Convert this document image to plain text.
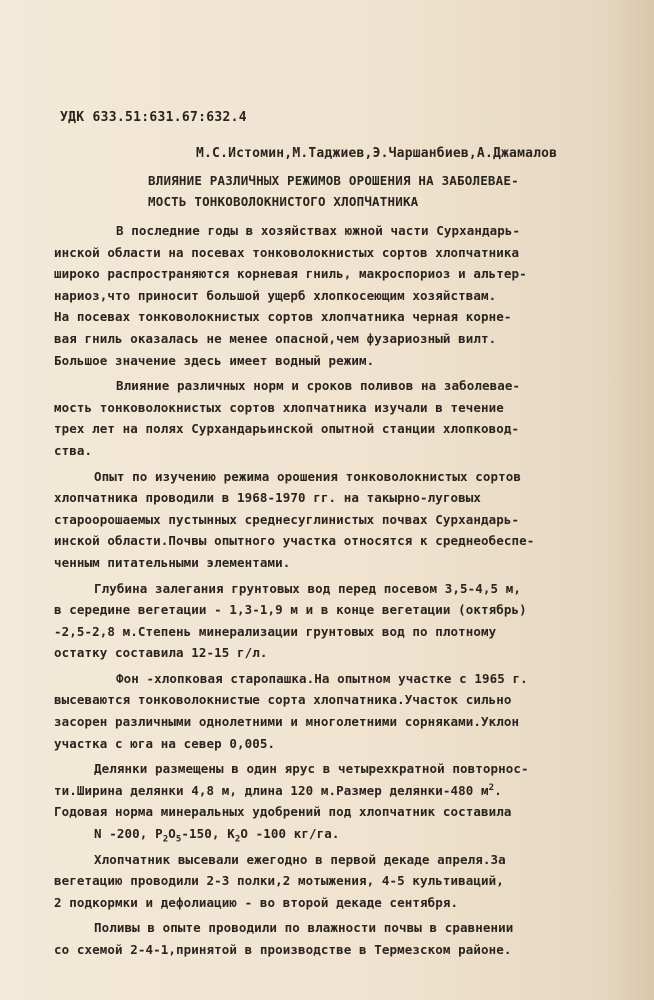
УДК 633.51:631.67:632.4
М.С.Истомин,М.Таджиев,Э.Чаршанбиев,А.Джамалов
ВЛИЯНИЕ РАЗЛИЧНЫХ РЕЖИМОВ ОРОШЕНИЯ НА ЗАБОЛЕВАЕ-
МОСТЬ ТОНКОВОЛОКНИСТОГО ХЛОПЧАТНИКА
В последние годы в хозяйствах южной части Сурхандарь-
инской области на посевах тонковолокнистых сортов хлопчатника
широко распространяются корневая гниль, макроспориоз и альтер-
нариоз,что приносит большой ущерб хлопкосеющим хозяйствам.
На посевах тонковолокнистых сортов хлопчатника черная корне-
вая гниль оказалась не менее опасной,чем фузариозный вилт.
Большое значение здесь имеет водный режим.
Влияние различных норм и сроков поливов на заболевае-
мость тонковолокнистых сортов хлопчатника изучали в течение
трех лет на полях Сурхандарьинской опытной станции хлопковод-
ства.
Опыт по изучению режима орошения тонковолокнистых сортов
хлопчатника проводили в 1968-1970 гг. на такырно-луговых
староорошаемых пустынных среднесуглинистых почвах Сурхандарь-
инской области.Почвы опытного участка относятся к среднеобеспе-
ченным питательными элементами.
Глубина залегания грунтовых вод перед посевом 3,5-4,5 м,
в середине вегетации - 1,3-1,9 м и в конце вегетации (октябрь)
-2,5-2,8 м.Степень минерализации грунтовых вод по плотному
остатку составила 12-15 г/л.
Фон -хлопковая старопашка.На опытном участке с 1965 г.
высеваются тонковолокнистые сорта хлопчатника.Участок сильно
засорен различными однолетними и многолетними сорняками.Уклон
участка с юга на север 0,005.
Делянки размещены в один ярус в четырехкратной повторнос-
ти.Ширина делянки 4,8 м, длина 120 м.Размер делянки-480 $м^2$.
Годовая норма минеральных удобрений под хлопчатник составила
N -200, $P_2O_5-150$, $K_2O$ -100 кг/га.
Хлопчатник высевали ежегодно в первой декаде апреля.За
вегетацию проводили 2-3 полки,2 мотыжения, 4-5 культиваций,
2 подкормки и дефолиацию - во второй декаде сентября.
Поливы в опыте проводили по влажности почвы в сравнении
со схемой 2-4-1,принятой в производстве в Термезском районе.
